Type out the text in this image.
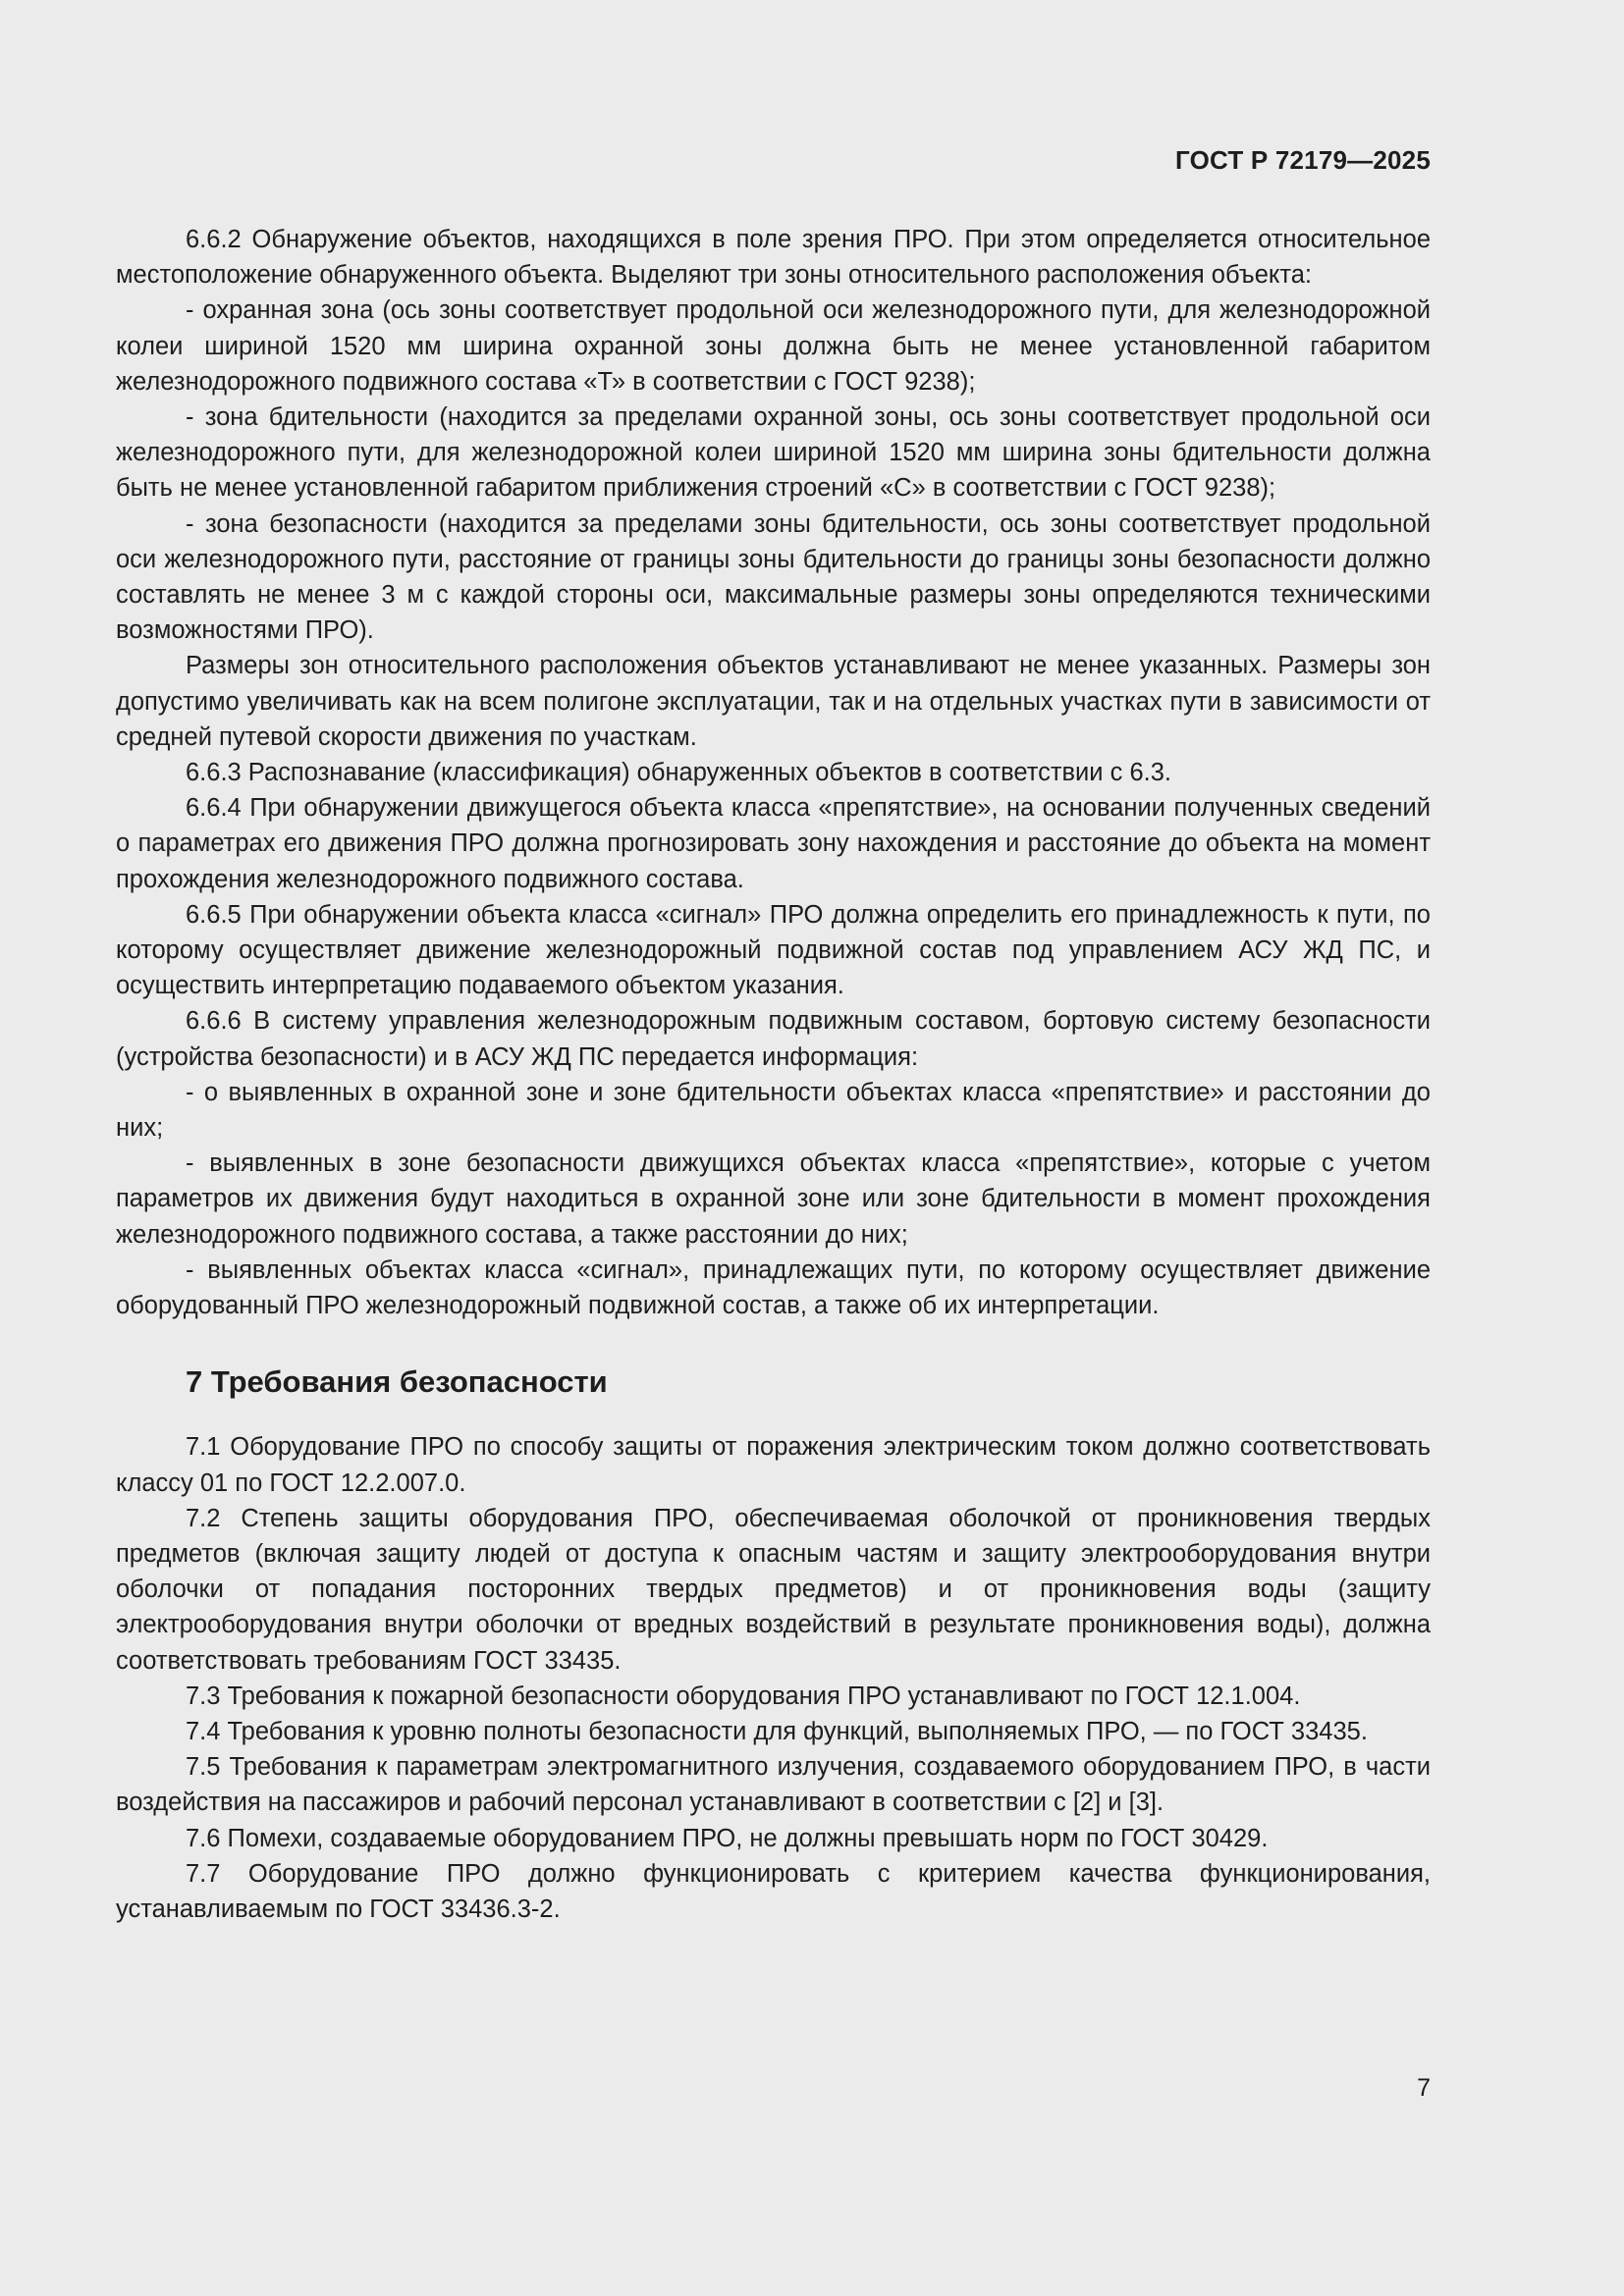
ГОСТ Р 72179—2025

6.6.2 Обнаружение объектов, находящихся в поле зрения ПРО. При этом определяется относительное местоположение обнаруженного объекта. Выделяют три зоны относительного расположения объекта:

- охранная зона (ось зоны соответствует продольной оси железнодорожного пути, для железнодорожной колеи шириной 1520 мм ширина охранной зоны должна быть не менее установленной габаритом железнодорожного подвижного состава «Т» в соответствии с ГОСТ 9238);

- зона бдительности (находится за пределами охранной зоны, ось зоны соответствует продольной оси железнодорожного пути, для железнодорожной колеи шириной 1520 мм ширина зоны бдительности должна быть не менее установленной габаритом приближения строений «С» в соответствии с ГОСТ 9238);

- зона безопасности (находится за пределами зоны бдительности, ось зоны соответствует продольной оси железнодорожного пути, расстояние от границы зоны бдительности до границы зоны безопасности должно составлять не менее 3 м с каждой стороны оси, максимальные размеры зоны определяются техническими возможностями ПРО).

Размеры зон относительного расположения объектов устанавливают не менее указанных. Размеры зон допустимо увеличивать как на всем полигоне эксплуатации, так и на отдельных участках пути в зависимости от средней путевой скорости движения по участкам.

6.6.3 Распознавание (классификация) обнаруженных объектов в соответствии с 6.3.

6.6.4 При обнаружении движущегося объекта класса «препятствие», на основании полученных сведений о параметрах его движения ПРО должна прогнозировать зону нахождения и расстояние до объекта на момент прохождения железнодорожного подвижного состава.

6.6.5 При обнаружении объекта класса «сигнал» ПРО должна определить его принадлежность к пути, по которому осуществляет движение железнодорожный подвижной состав под управлением АСУ ЖД ПС, и осуществить интерпретацию подаваемого объектом указания.

6.6.6 В систему управления железнодорожным подвижным составом, бортовую систему безопасности (устройства безопасности) и в АСУ ЖД ПС передается информация:

- о выявленных в охранной зоне и зоне бдительности объектах класса «препятствие» и расстоянии до них;

- выявленных в зоне безопасности движущихся объектах класса «препятствие», которые с учетом параметров их движения будут находиться в охранной зоне или зоне бдительности в момент прохождения железнодорожного подвижного состава, а также расстоянии до них;

- выявленных объектах класса «сигнал», принадлежащих пути, по которому осуществляет движение оборудованный ПРО железнодорожный подвижной состав, а также об их интерпретации.

7 Требования безопасности

7.1 Оборудование ПРО по способу защиты от поражения электрическим током должно соответствовать классу 01 по ГОСТ 12.2.007.0.

7.2 Степень защиты оборудования ПРО, обеспечиваемая оболочкой от проникновения твердых предметов (включая защиту людей от доступа к опасным частям и защиту электрооборудования внутри оболочки от попадания посторонних твердых предметов) и от проникновения воды (защиту электрооборудования внутри оболочки от вредных воздействий в результате проникновения воды), должна соответствовать требованиям ГОСТ 33435.

7.3 Требования к пожарной безопасности оборудования ПРО устанавливают по ГОСТ 12.1.004.

7.4 Требования к уровню полноты безопасности для функций, выполняемых ПРО, — по ГОСТ 33435.

7.5 Требования к параметрам электромагнитного излучения, создаваемого оборудованием ПРО, в части воздействия на пассажиров и рабочий персонал устанавливают в соответствии с [2] и [3].

7.6 Помехи, создаваемые оборудованием ПРО, не должны превышать норм по ГОСТ 30429.

7.7 Оборудование ПРО должно функционировать с критерием качества функционирования, устанавливаемым по ГОСТ 33436.3-2.

7
